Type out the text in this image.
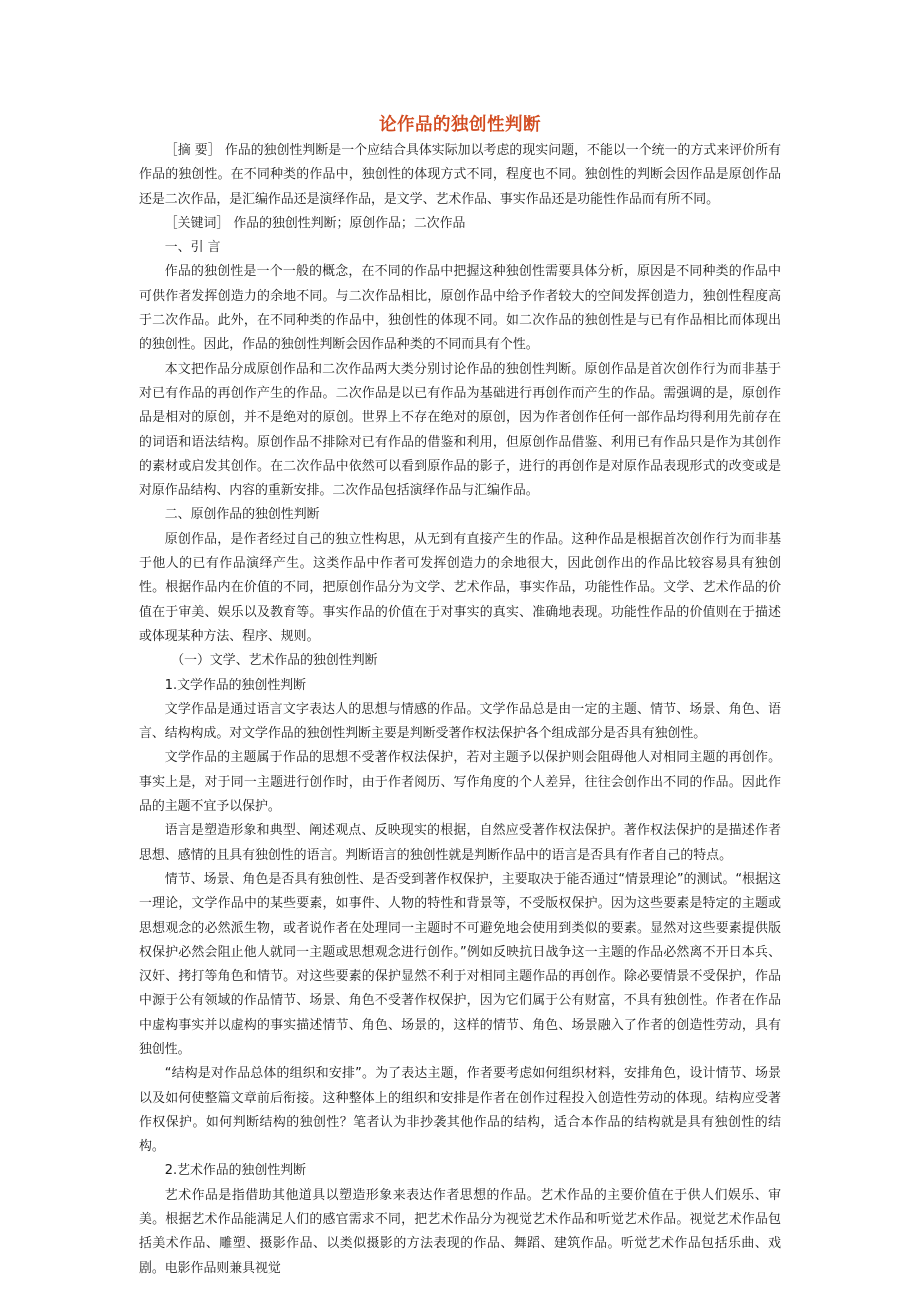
论作品的独创性判断

［摘 要］ 作品的独创性判断是一个应结合具体实际加以考虑的现实问题，不能以一个统一的方式来评价所有作品的独创性。在不同种类的作品中，独创性的体现方式不同，程度也不同。独创性的判断会因作品是原创作品还是二次作品，是汇编作品还是演绎作品，是文学、艺术作品、事实作品还是功能性作品而有所不同。

［关键词］ 作品的独创性判断；原创作品；二次作品

一、引 言

作品的独创性是一个一般的概念，在不同的作品中把握这种独创性需要具体分析，原因是不同种类的作品中可供作者发挥创造力的余地不同。与二次作品相比，原创作品中给予作者较大的空间发挥创造力，独创性程度高于二次作品。此外，在不同种类的作品中，独创性的体现不同。如二次作品的独创性是与已有作品相比而体现出的独创性。因此，作品的独创性判断会因作品种类的不同而具有个性。

本文把作品分成原创作品和二次作品两大类分别讨论作品的独创性判断。原创作品是首次创作行为而非基于对已有作品的再创作产生的作品。二次作品是以已有作品为基础进行再创作而产生的作品。需强调的是，原创作品是相对的原创，并不是绝对的原创。世界上不存在绝对的原创，因为作者创作任何一部作品均得利用先前存在的词语和语法结构。原创作品不排除对已有作品的借鉴和利用，但原创作品借鉴、利用已有作品只是作为其创作的素材或启发其创作。在二次作品中依然可以看到原作品的影子，进行的再创作是对原作品表现形式的改变或是对原作品结构、内容的重新安排。二次作品包括演绎作品与汇编作品。

二、原创作品的独创性判断

原创作品，是作者经过自己的独立性构思，从无到有直接产生的作品。这种作品是根据首次创作行为而非基于他人的已有作品演绎产生。这类作品中作者可发挥创造力的余地很大，因此创作出的作品比较容易具有独创性。根据作品内在价值的不同，把原创作品分为文学、艺术作品，事实作品，功能性作品。文学、艺术作品的价值在于审美、娱乐以及教育等。事实作品的价值在于对事实的真实、准确地表现。功能性作品的价值则在于描述或体现某种方法、程序、规则。

（一）文学、艺术作品的独创性判断

1.文学作品的独创性判断

文学作品是通过语言文字表达人的思想与情感的作品。文学作品总是由一定的主题、情节、场景、角色、语言、结构构成。对文学作品的独创性判断主要是判断受著作权法保护各个组成部分是否具有独创性。

文学作品的主题属于作品的思想不受著作权法保护，若对主题予以保护则会阻碍他人对相同主题的再创作。事实上是，对于同一主题进行创作时，由于作者阅历、写作角度的个人差异，往往会创作出不同的作品。因此作品的主题不宜予以保护。

语言是塑造形象和典型、阐述观点、反映现实的根据，自然应受著作权法保护。著作权法保护的是描述作者思想、感情的且具有独创性的语言。判断语言的独创性就是判断作品中的语言是否具有作者自己的特点。

情节、场景、角色是否具有独创性、是否受到著作权保护，主要取决于能否通过“情景理论”的测试。“根据这一理论，文学作品中的某些要素，如事件、人物的特性和背景等，不受版权保护。因为这些要素是特定的主题或思想观念的必然派生物，或者说作者在处理同一主题时不可避免地会使用到类似的要素。显然对这些要素提供版权保护必然会阻止他人就同一主题或思想观念进行创作。”例如反映抗日战争这一主题的作品必然离不开日本兵、汉奸、拷打等角色和情节。对这些要素的保护显然不利于对相同主题作品的再创作。除必要情景不受保护，作品中源于公有领域的作品情节、场景、角色不受著作权保护，因为它们属于公有财富，不具有独创性。作者在作品中虚构事实并以虚构的事实描述情节、角色、场景的，这样的情节、角色、场景融入了作者的创造性劳动，具有独创性。

“结构是对作品总体的组织和安排”。为了表达主题，作者要考虑如何组织材料，安排角色，设计情节、场景以及如何使整篇文章前后衔接。这种整体上的组织和安排是作者在创作过程投入创造性劳动的体现。结构应受著作权保护。如何判断结构的独创性？笔者认为非抄袭其他作品的结构，适合本作品的结构就是具有独创性的结构。

2.艺术作品的独创性判断

艺术作品是指借助其他道具以塑造形象来表达作者思想的作品。艺术作品的主要价值在于供人们娱乐、审美。根据艺术作品能满足人们的感官需求不同，把艺术作品分为视觉艺术作品和听觉艺术作品。视觉艺术作品包括美术作品、雕塑、摄影作品、以类似摄影的方法表现的作品、舞蹈、建筑作品。听觉艺术作品包括乐曲、戏剧。电影作品则兼具视觉
